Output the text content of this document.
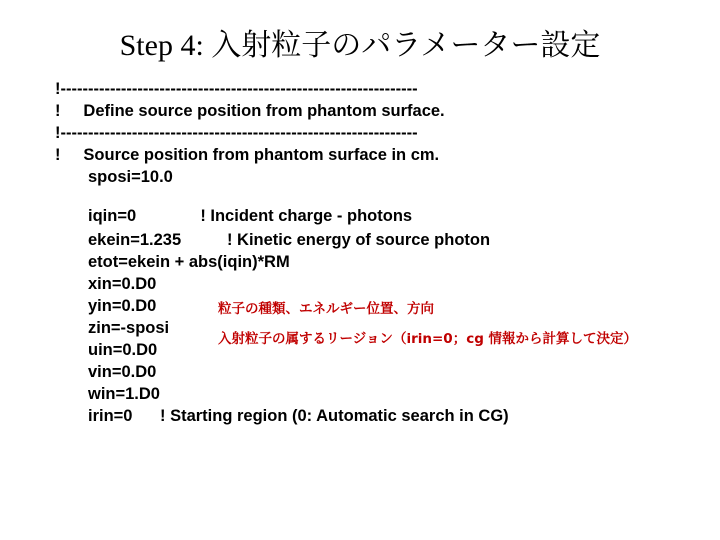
Step 4: 入射粒子のパラメーター設定
!-----------------------------------------------------------------
!     Define source position from phantom surface.
!-----------------------------------------------------------------
!     Source position from phantom surface in cm.
sposi=10.0
iqin=0              ! Incident charge - photons
ekein=1.235          ! Kinetic energy of source photon
etot=ekein + abs(iqin)*RM
xin=0.D0
yin=0.D0
zin=-sposi
uin=0.D0
vin=0.D0
win=1.D0
irin=0      ! Starting region (0: Automatic search in CG)
粒子の種類、エネルギー位置、方向
入射粒子の属するリージョン（irin=0；cg 情報から計算して決定）
